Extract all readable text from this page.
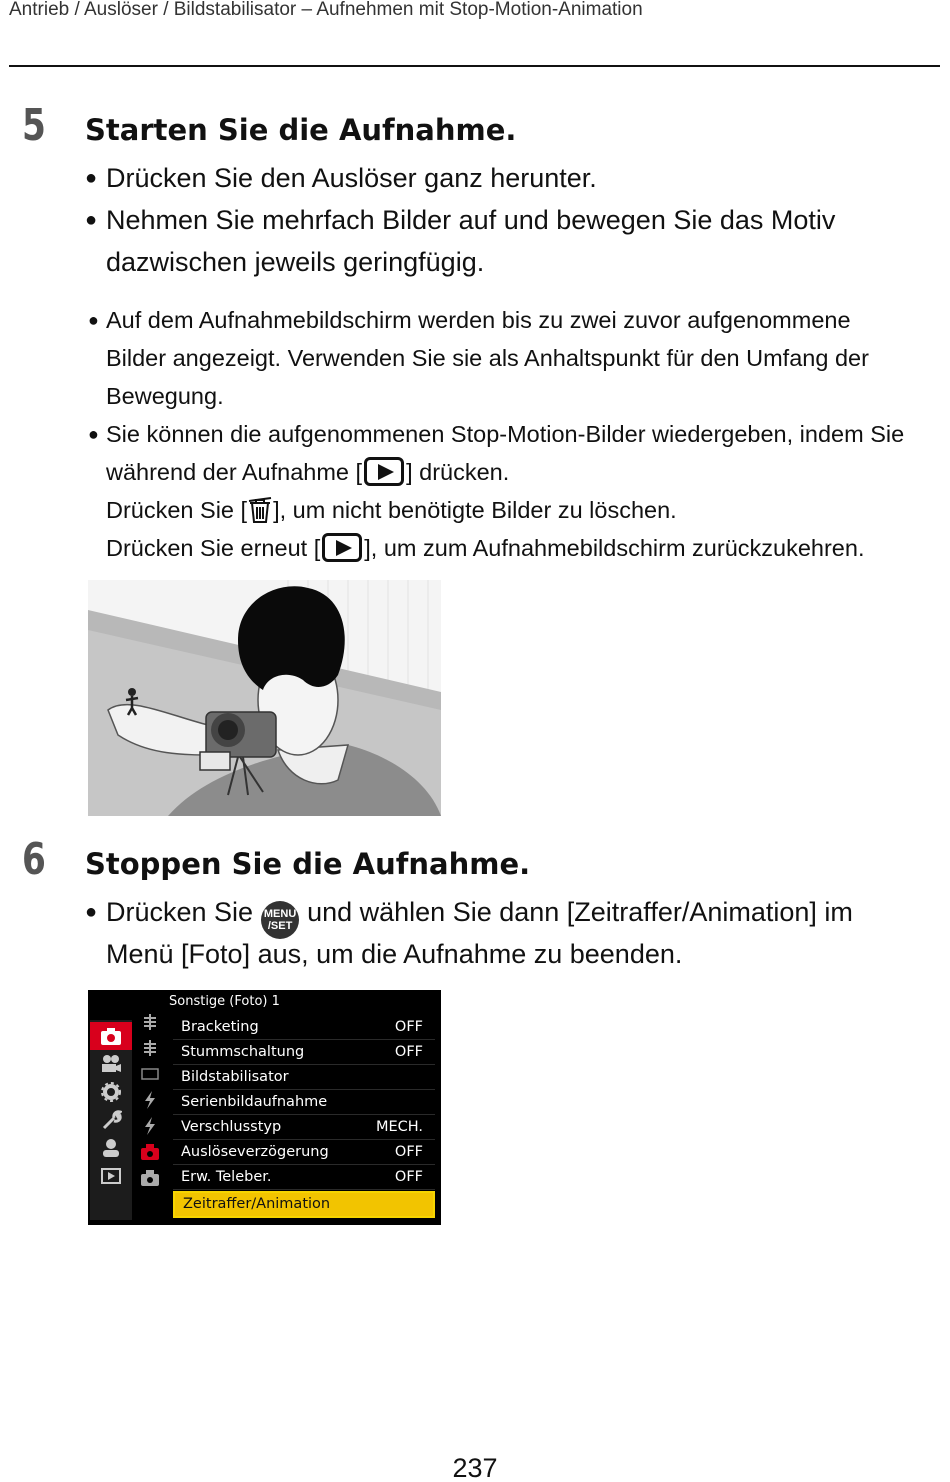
Antrieb / Auslöser / Bildstabilisator – Aufnehmen mit Stop-Motion-Animation
5 Starten Sie die Aufnahme.
● Drücken Sie den Auslöser ganz herunter.
● Nehmen Sie mehrfach Bilder auf und bewegen Sie das Motiv
dazwischen jeweils geringfügig.
● Auf dem Aufnahmebildschirm werden bis zu zwei zuvor aufgenommene
Bilder angezeigt. Verwenden Sie sie als Anhaltspunkt für den Umfang der
Bewegung.
● Sie können die aufgenommenen Stop-Motion-Bilder wiedergeben, indem Sie
während der Aufnahme [ ] drücken.
Drücken Sie [ ], um nicht benötigte Bilder zu löschen.
Drücken Sie erneut [ ], um zum Aufnahmebildschirm zurückzukehren.
6 Stoppen Sie die Aufnahme.
● Drücken Sie MENU
/SET und wählen Sie dann [Zeitraffer/Animation] im
Menü [Foto] aus, um die Aufnahme zu beenden.
Sonstige (Foto) 1
Bracketing	OFF
Stummschaltung	OFF
Bildstabilisator
Serienbildaufnahme
Verschlusstyp	MECH.
Auslöseverzögerung	OFF
Erw. Teleber.	OFF
Zeitraffer/Animation
237
